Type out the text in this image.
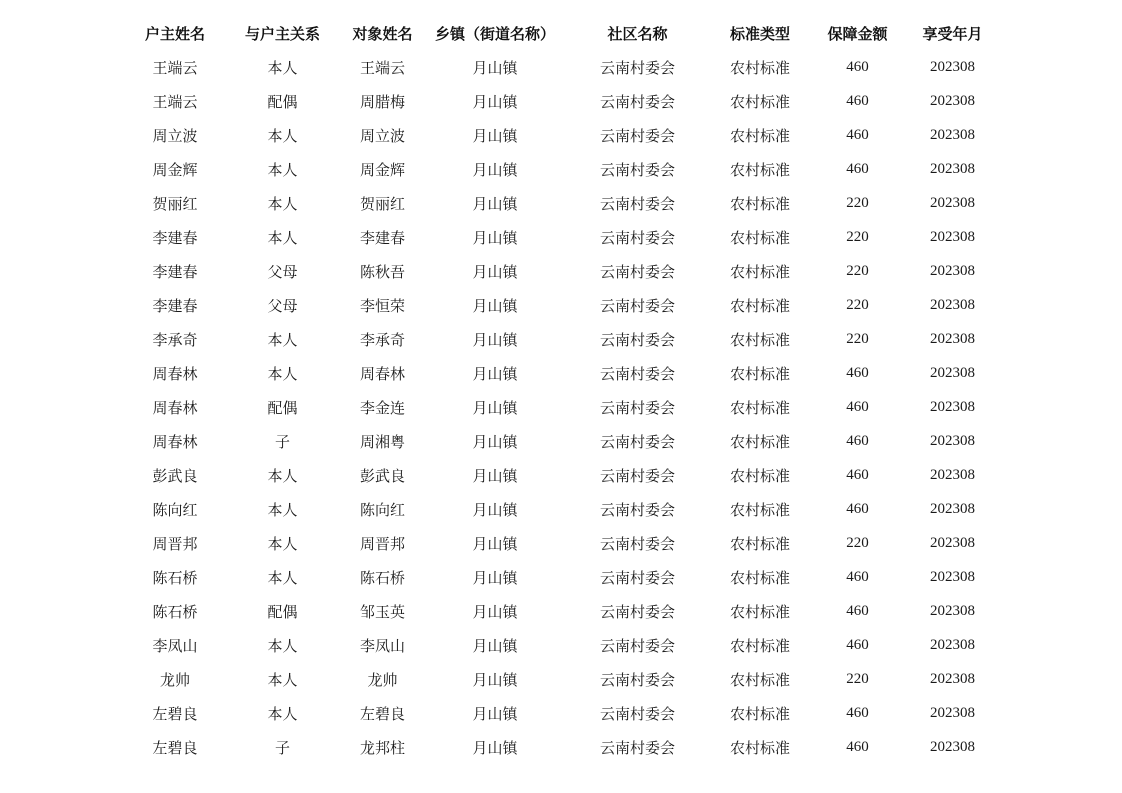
户主姓名	与户主关系	对象姓名	乡镇（街道名称）	社区名称	标准类型	保障金额	享受年月
王端云	本人	王端云	月山镇	云南村委会	农村标准	460	202308
王端云	配偶	周腊梅	月山镇	云南村委会	农村标准	460	202308
周立波	本人	周立波	月山镇	云南村委会	农村标准	460	202308
周金辉	本人	周金辉	月山镇	云南村委会	农村标准	460	202308
贺丽红	本人	贺丽红	月山镇	云南村委会	农村标准	220	202308
李建春	本人	李建春	月山镇	云南村委会	农村标准	220	202308
李建春	父母	陈秋吾	月山镇	云南村委会	农村标准	220	202308
李建春	父母	李恒荣	月山镇	云南村委会	农村标准	220	202308
李承奇	本人	李承奇	月山镇	云南村委会	农村标准	220	202308
周春林	本人	周春林	月山镇	云南村委会	农村标准	460	202308
周春林	配偶	李金连	月山镇	云南村委会	农村标准	460	202308
周春林	子	周湘粤	月山镇	云南村委会	农村标准	460	202308
彭武良	本人	彭武良	月山镇	云南村委会	农村标准	460	202308
陈向红	本人	陈向红	月山镇	云南村委会	农村标准	460	202308
周晋邦	本人	周晋邦	月山镇	云南村委会	农村标准	220	202308
陈石桥	本人	陈石桥	月山镇	云南村委会	农村标准	460	202308
陈石桥	配偶	邹玉英	月山镇	云南村委会	农村标准	460	202308
李凤山	本人	李凤山	月山镇	云南村委会	农村标准	460	202308
龙帅	本人	龙帅	月山镇	云南村委会	农村标准	220	202308
左碧良	本人	左碧良	月山镇	云南村委会	农村标准	460	202308
左碧良	子	龙邦柱	月山镇	云南村委会	农村标准	460	202308
